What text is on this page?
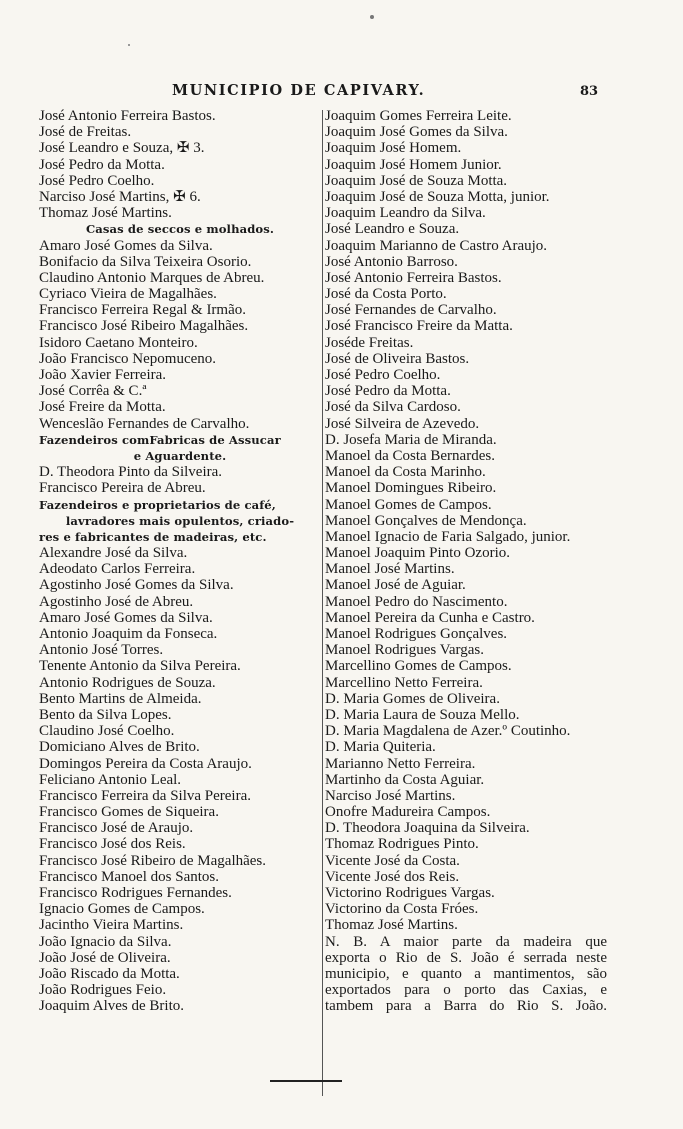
MUNICIPIO DE CAPIVARY.	83
José Antonio Ferreira Bastos.
José de Freitas.
José Leandro e Souza, ✠ 3.
José Pedro da Motta.
José Pedro Coelho.
Narciso José Martins, ✠ 6.
Thomaz José Martins.
Casas de seccos e molhados.
Amaro José Gomes da Silva.
Bonifacio da Silva Teixeira Osorio.
Claudino Antonio Marques de Abreu.
Cyriaco Vieira de Magalhães.
Francisco Ferreira Regal & Irmão.
Francisco José Ribeiro Magalhães.
Isidoro Caetano Monteiro.
João Francisco Nepomuceno.
João Xavier Ferreira.
José Corrêa & C.ª
José Freire da Motta.
Wenceslão Fernandes de Carvalho.
Fazendeiros comFabricas de Assucar
e Aguardente.
D. Theodora Pinto da Silveira.
Francisco Pereira de Abreu.
Fazendeiros e proprietarios de café,
lavradores mais opulentos, criado-
res e fabricantes de madeiras, etc.
Alexandre José da Silva.
Adeodato Carlos Ferreira.
Agostinho José Gomes da Silva.
Agostinho José de Abreu.
Amaro José Gomes da Silva.
Antonio Joaquim da Fonseca.
Antonio José Torres.
Tenente Antonio da Silva Pereira.
Antonio Rodrigues de Souza.
Bento Martins de Almeida.
Bento da Silva Lopes.
Claudino José Coelho.
Domiciano Alves de Brito.
Domingos Pereira da Costa Araujo.
Feliciano Antonio Leal.
Francisco Ferreira da Silva Pereira.
Francisco Gomes de Siqueira.
Francisco José de Araujo.
Francisco José dos Reis.
Francisco José Ribeiro de Magalhães.
Francisco Manoel dos Santos.
Francisco Rodrigues Fernandes.
Ignacio Gomes de Campos.
Jacintho Vieira Martins.
João Ignacio da Silva.
João José de Oliveira.
João Riscado da Motta.
João Rodrigues Feio.
Joaquim Alves de Brito.
Joaquim Gomes Ferreira Leite.
Joaquim José Gomes da Silva.
Joaquim José Homem.
Joaquim José Homem Junior.
Joaquim José de Souza Motta.
Joaquim José de Souza Motta, junior.
Joaquim Leandro da Silva.
José Leandro e Souza.
Joaquim Marianno de Castro Araujo.
José Antonio Barroso.
José Antonio Ferreira Bastos.
José da Costa Porto.
José Fernandes de Carvalho.
José Francisco Freire da Matta.
Joséde Freitas.
José de Oliveira Bastos.
José Pedro Coelho.
José Pedro da Motta.
José da Silva Cardoso.
José Silveira de Azevedo.
D. Josefa Maria de Miranda.
Manoel da Costa Bernardes.
Manoel da Costa Marinho.
Manoel Domingues Ribeiro.
Manoel Gomes de Campos.
Manoel Gonçalves de Mendonça.
Manoel Ignacio de Faria Salgado, junior.
Manoel Joaquim Pinto Ozorio.
Manoel José Martins.
Manoel José de Aguiar.
Manoel Pedro do Nascimento.
Manoel Pereira da Cunha e Castro.
Manoel Rodrigues Gonçalves.
Manoel Rodrigues Vargas.
Marcellino Gomes de Campos.
Marcellino Netto Ferreira.
D. Maria Gomes de Oliveira.
D. Maria Laura de Souza Mello.
D. Maria Magdalena de Azer.º Coutinho.
D. Maria Quiteria.
Marianno Netto Ferreira.
Martinho da Costa Aguiar.
Narciso José Martins.
Onofre Madureira Campos.
D. Theodora Joaquina da Silveira.
Thomaz Rodrigues Pinto.
Vicente José da Costa.
Vicente José dos Reis.
Victorino Rodrigues Vargas.
Victorino da Costa Fróes.
Thomaz José Martins.
N. B. A maior parte da madeira que
exporta o Rio de S. João é serrada neste
municipio, e quanto a mantimentos, são
exportados para o porto das Caxias, e
tambem para a Barra do Rio S. João.
